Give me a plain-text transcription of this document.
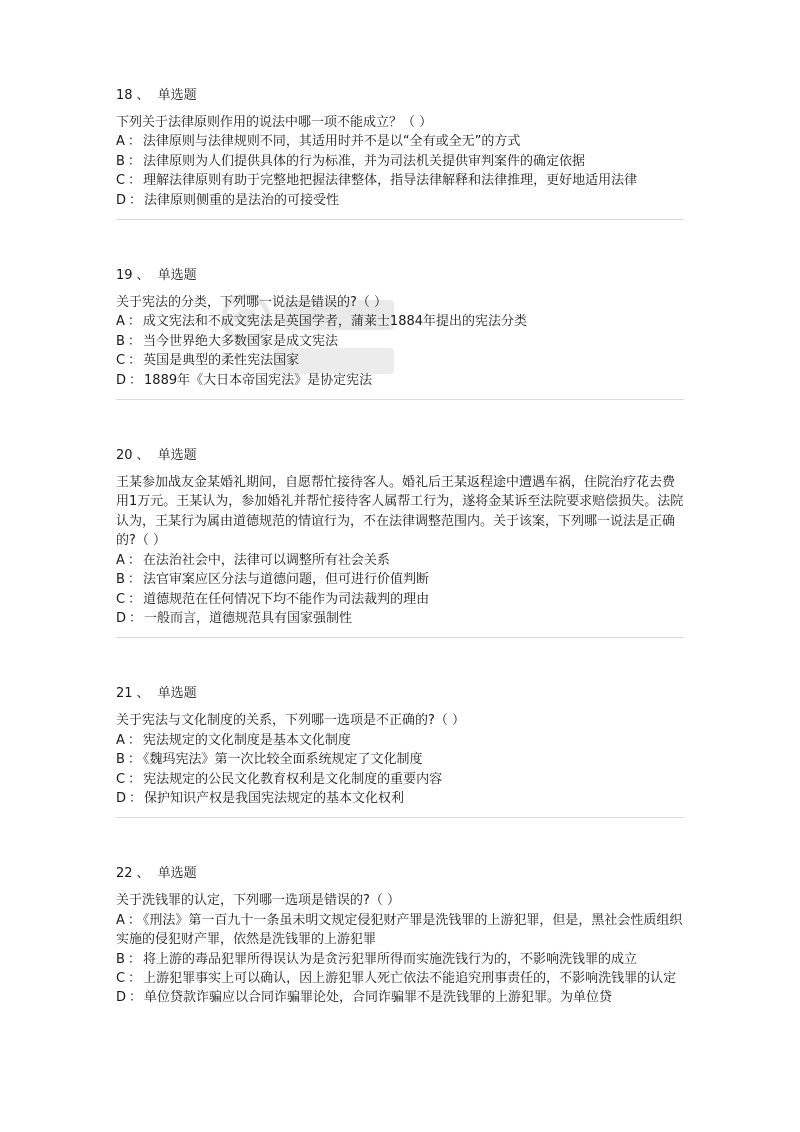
18 、 单选题
下列关于法律原则作用的说法中哪一项不能成立？（ ）
A ： 法律原则与法律规则不同，其适用时并不是以“全有或全无”的方式
B ： 法律原则为人们提供具体的行为标准，并为司法机关提供审判案件的确定依据
C ： 理解法律原则有助于完整地把握法律整体，指导法律解释和法律推理，更好地适用法律
D ： 法律原则侧重的是法治的可接受性
19 、 单选题
关于宪法的分类，下列哪一说法是错误的?（ ）
A ： 成文宪法和不成文宪法是英国学者，蒲莱士1884年提出的宪法分类
B ： 当今世界绝大多数国家是成文宪法
C ： 英国是典型的柔性宪法国家
D ： 1889年《大日本帝国宪法》是协定宪法
20 、 单选题
王某参加战友金某婚礼期间，自愿帮忙接待客人。婚礼后王某返程途中遭遇车祸，住院治疗花去费用1万元。王某认为，参加婚礼并帮忙接待客人属帮工行为，遂将金某诉至法院要求赔偿损失。法院认为，王某行为属由道德规范的情谊行为，不在法律调整范围内。关于该案，下列哪一说法是正确的?（ ）
A ： 在法治社会中，法律可以调整所有社会关系
B ： 法官审案应区分法与道德问题，但可进行价值判断
C ： 道德规范在任何情况下均不能作为司法裁判的理由
D ： 一般而言，道德规范具有国家强制性
21 、 单选题
关于宪法与文化制度的关系，下列哪一选项是不正确的?（ ）
A ： 宪法规定的文化制度是基本文化制度
B ： 《魏玛宪法》第一次比较全面系统规定了文化制度
C ： 宪法规定的公民文化教育权利是文化制度的重要内容
D ： 保护知识产权是我国宪法规定的基本文化权利
22 、 单选题
关于洗钱罪的认定，下列哪一选项是错误的?（ ）
A ： 《刑法》第一百九十一条虽未明文规定侵犯财产罪是洗钱罪的上游犯罪，但是，黑社会性质组织实施的侵犯财产罪，依然是洗钱罪的上游犯罪
B ： 将上游的毒品犯罪所得误认为是贪污犯罪所得而实施洗钱行为的，不影响洗钱罪的成立
C ： 上游犯罪事实上可以确认，因上游犯罪人死亡依法不能追究刑事责任的，不影响洗钱罪的认定
D ： 单位贷款诈骗应以合同诈骗罪论处，合同诈骗罪不是洗钱罪的上游犯罪。为单位贷
